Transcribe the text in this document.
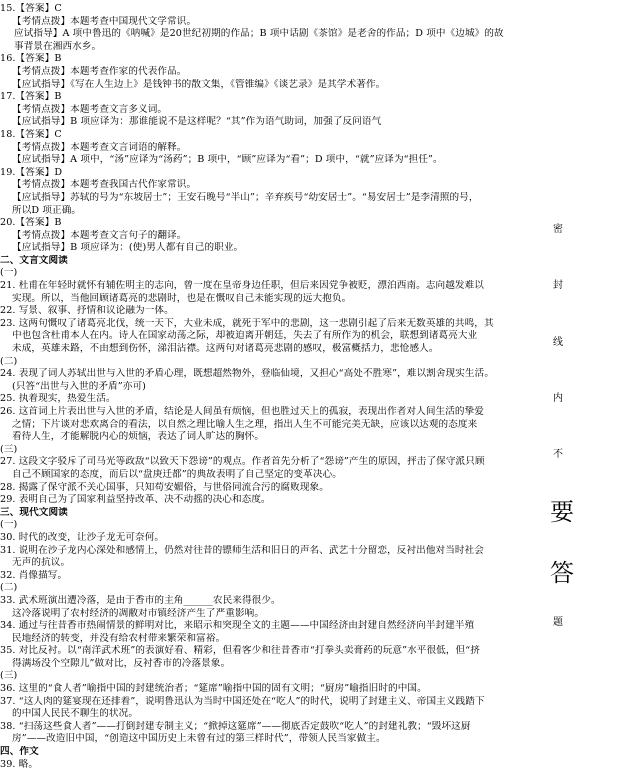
15.【答案】C
【考情点拨】本题考查中国现代文学常识。
应试指导】A 项中鲁迅的《呐喊》是20世纪初期的作品；B 项中话剧《茶馆》是老舍的作品；D 项中《边城》的故
事背景在湘西水乡。
16.【答案】B
【考情点拨】本题考查作家的代表作品。
【应试指导】《写在人生边上》是钱钟书的散文集，《管锥编》《谈艺录》是其学术著作。
17.【答案】B
【考情点拨】本题考查文言多义词。
【应试指导】B 项应译为：那谁能说不是这样呢？“其”作为语气助词，加强了反问语气
18.【答案】C
【考情点拨】本题考查文言词语的解释。
【应试指导】A 项中，“汤”应译为“汤药”；B 项中，“顾”应译为“看”；D 项中，“就”应译为“担任”。
19.【答案】D
【考情点拨】本题考查我国古代作家常识。
【应试指导】苏轼的号为“东坡居士”；王安石晚号“半山”；辛弃疾号“幼安居士”。“易安居士”是李清照的号，
所以D 项正确。
20.【答案】B
【考情点拨】本题考查文言句子的翻译。
【应试指导】B 项应译为：(使)男人都有自己的职业。
二、文言文阅读
(一)
21. 杜甫在年轻时就怀有辅佐明主的志向，曾一度在皇帝身边任职，但后来因党争被贬，漂泊西南。志向越发难以
实现。所以，当他回顾诸葛亮的悲剧时，也是在慨叹自己未能实现的远大抱负。
22. 写景、叙事、抒情和议论融为一体。
23. 这两句慨叹了诸葛亮北伐，统一天下，大业未成，就死于军中的悲剧，这一悲剧引起了后来无数英雄的共鸣，其
中也包含杜甫本人在内。诗人在国家动荡之际，却被迫离开朝廷，失去了有所作为的机会，联想到诸葛亮大业
未成，英雄未路，不由想到伤怀，涕泪沾襟。这两句对诸葛亮悲剧的感叹，极富概括力，悲怆感人。
(二)
24. 表现了词人苏轼出世与入世的矛盾心理，既想超然物外，登临仙境，又担心“高处不胜寒”，难以割舍现实生活。
(只答“出世与入世的矛盾”亦可)
25. 执着现实，热爱生活。
26. 这首词上片表出世与入世的矛盾，结论是人间虽有烦恼，但也胜过天上的孤寂，表现出作者对人间生活的挚爱
之情；下片谈对悲欢离合的看法，以自然之理比喻人生之理，指出人生不可能完美无缺，应该以达观的态度来
看待人生，才能解脱内心的烦恼，表达了词人旷达的胸怀。
(三)
27. 这段文字驳斥了司马光等政敌“以致天下怨谤”的观点。作者首先分析了“怨谤”产生的原因，抨击了保守派只顾
自己不顾国家的态度，而后以“盘庚迁都”的典故表明了自己坚定的变革决心。
28. 揭露了保守派不关心国事，只知苟安媚俗，与世俗同流合污的腐败现象。
29. 表明自己为了国家利益坚持改革、决不动摇的决心和态度。
三、现代文阅读
(一)
30. 时代的改变，让沙子龙无可奈何。
31. 说明在沙子龙内心深处和感情上，仍然对往昔的镖师生活和旧日的声名、武艺十分留恋，反衬出他对当时社会
无声的抗议。
32. 肖像描写。
(二)
33. 武术班演出遭冷落，是由于香市的主角______农民来得很少。
这冷落说明了农村经济的凋敝对市镇经济产生了严重影响。
34. 通过与往昔香市热闹情景的鲜明对比，来昭示和突现全文的主题——中国经济由封建自然经济向半封建半殖
民地经济的转变，并没有给农村带来繁荣和富裕。
35. 对比反衬。以“南洋武术班”的表演好看、精彩，但看客少和往昔香市“打拳头卖膏药的玩意”水平很低，但“挤
得满场没个空隙儿”做对比，反衬香市的冷落景象。
(三)
36. 这里的“食人者”喻指中国的封建统治者；“筵席”喻指中国的固有文明；“厨房”喻指旧时的中国。
37. “这人肉的筵宴现在还排着”，说明鲁迅认为当时中国还处在“吃人”的时代，说明了封建主义、帝国主义践踏下
的中国人民民不聊生的状况。
38. “扫荡这些食人者”——打倒封建专制主义；“掀掉这筵席”——彻底否定鼓吹“吃人”的封建礼教；“毁坏这厨
房”——改造旧中国，“创造这中国历史上未曾有过的第三样时代”，带领人民当家做主。
四、作文
39. 略。
密
封
线
内
不
要
答
题
